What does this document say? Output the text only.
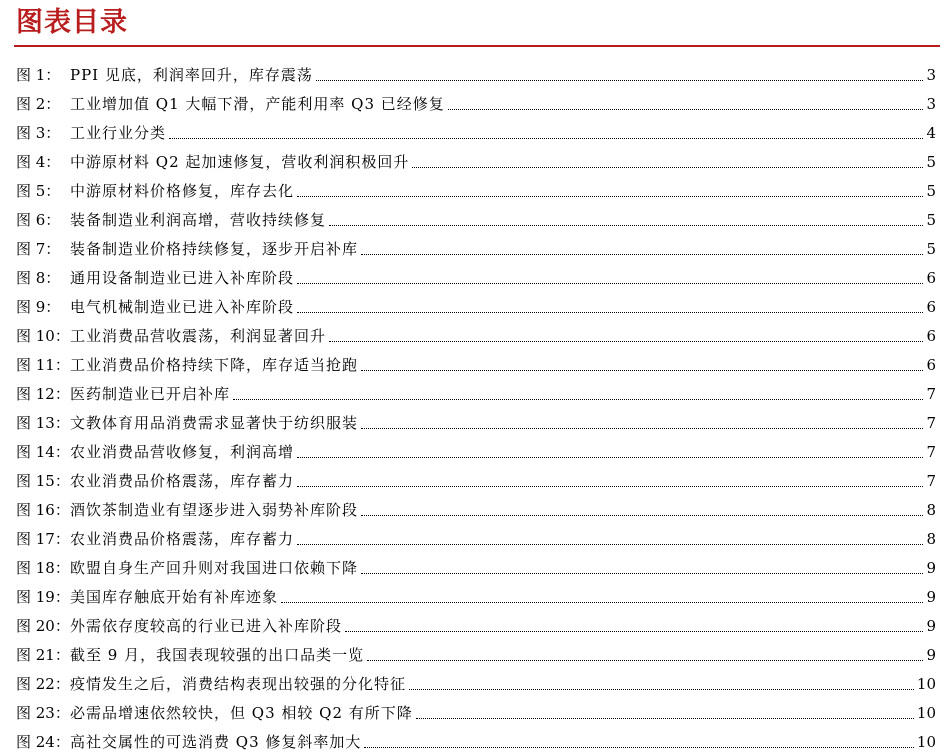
图表目录
图 1： PPI 见底，利润率回升，库存震荡	3
图 2： 工业增加值 Q1 大幅下滑，产能利用率 Q3 已经修复	3
图 3： 工业行业分类	4
图 4： 中游原材料 Q2 起加速修复，营收利润积极回升	5
图 5： 中游原材料价格修复，库存去化	5
图 6： 装备制造业利润高增，营收持续修复	5
图 7： 装备制造业价格持续修复，逐步开启补库	5
图 8： 通用设备制造业已进入补库阶段	6
图 9： 电气机械制造业已进入补库阶段	6
图 10： 工业消费品营收震荡，利润显著回升	6
图 11： 工业消费品价格持续下降，库存适当抢跑	6
图 12： 医药制造业已开启补库	7
图 13： 文教体育用品消费需求显著快于纺织服装	7
图 14： 农业消费品营收修复，利润高增	7
图 15： 农业消费品价格震荡，库存蓄力	7
图 16： 酒饮茶制造业有望逐步进入弱势补库阶段	8
图 17： 农业消费品价格震荡，库存蓄力	8
图 18： 欧盟自身生产回升则对我国进口依赖下降	9
图 19： 美国库存触底开始有补库迹象	9
图 20： 外需依存度较高的行业已进入补库阶段	9
图 21： 截至 9 月，我国表现较强的出口品类一览	9
图 22： 疫情发生之后，消费结构表现出较强的分化特征	10
图 23： 必需品增速依然较快，但 Q3 相较 Q2 有所下降	10
图 24： 高社交属性的可选消费 Q3 修复斜率加大	10
